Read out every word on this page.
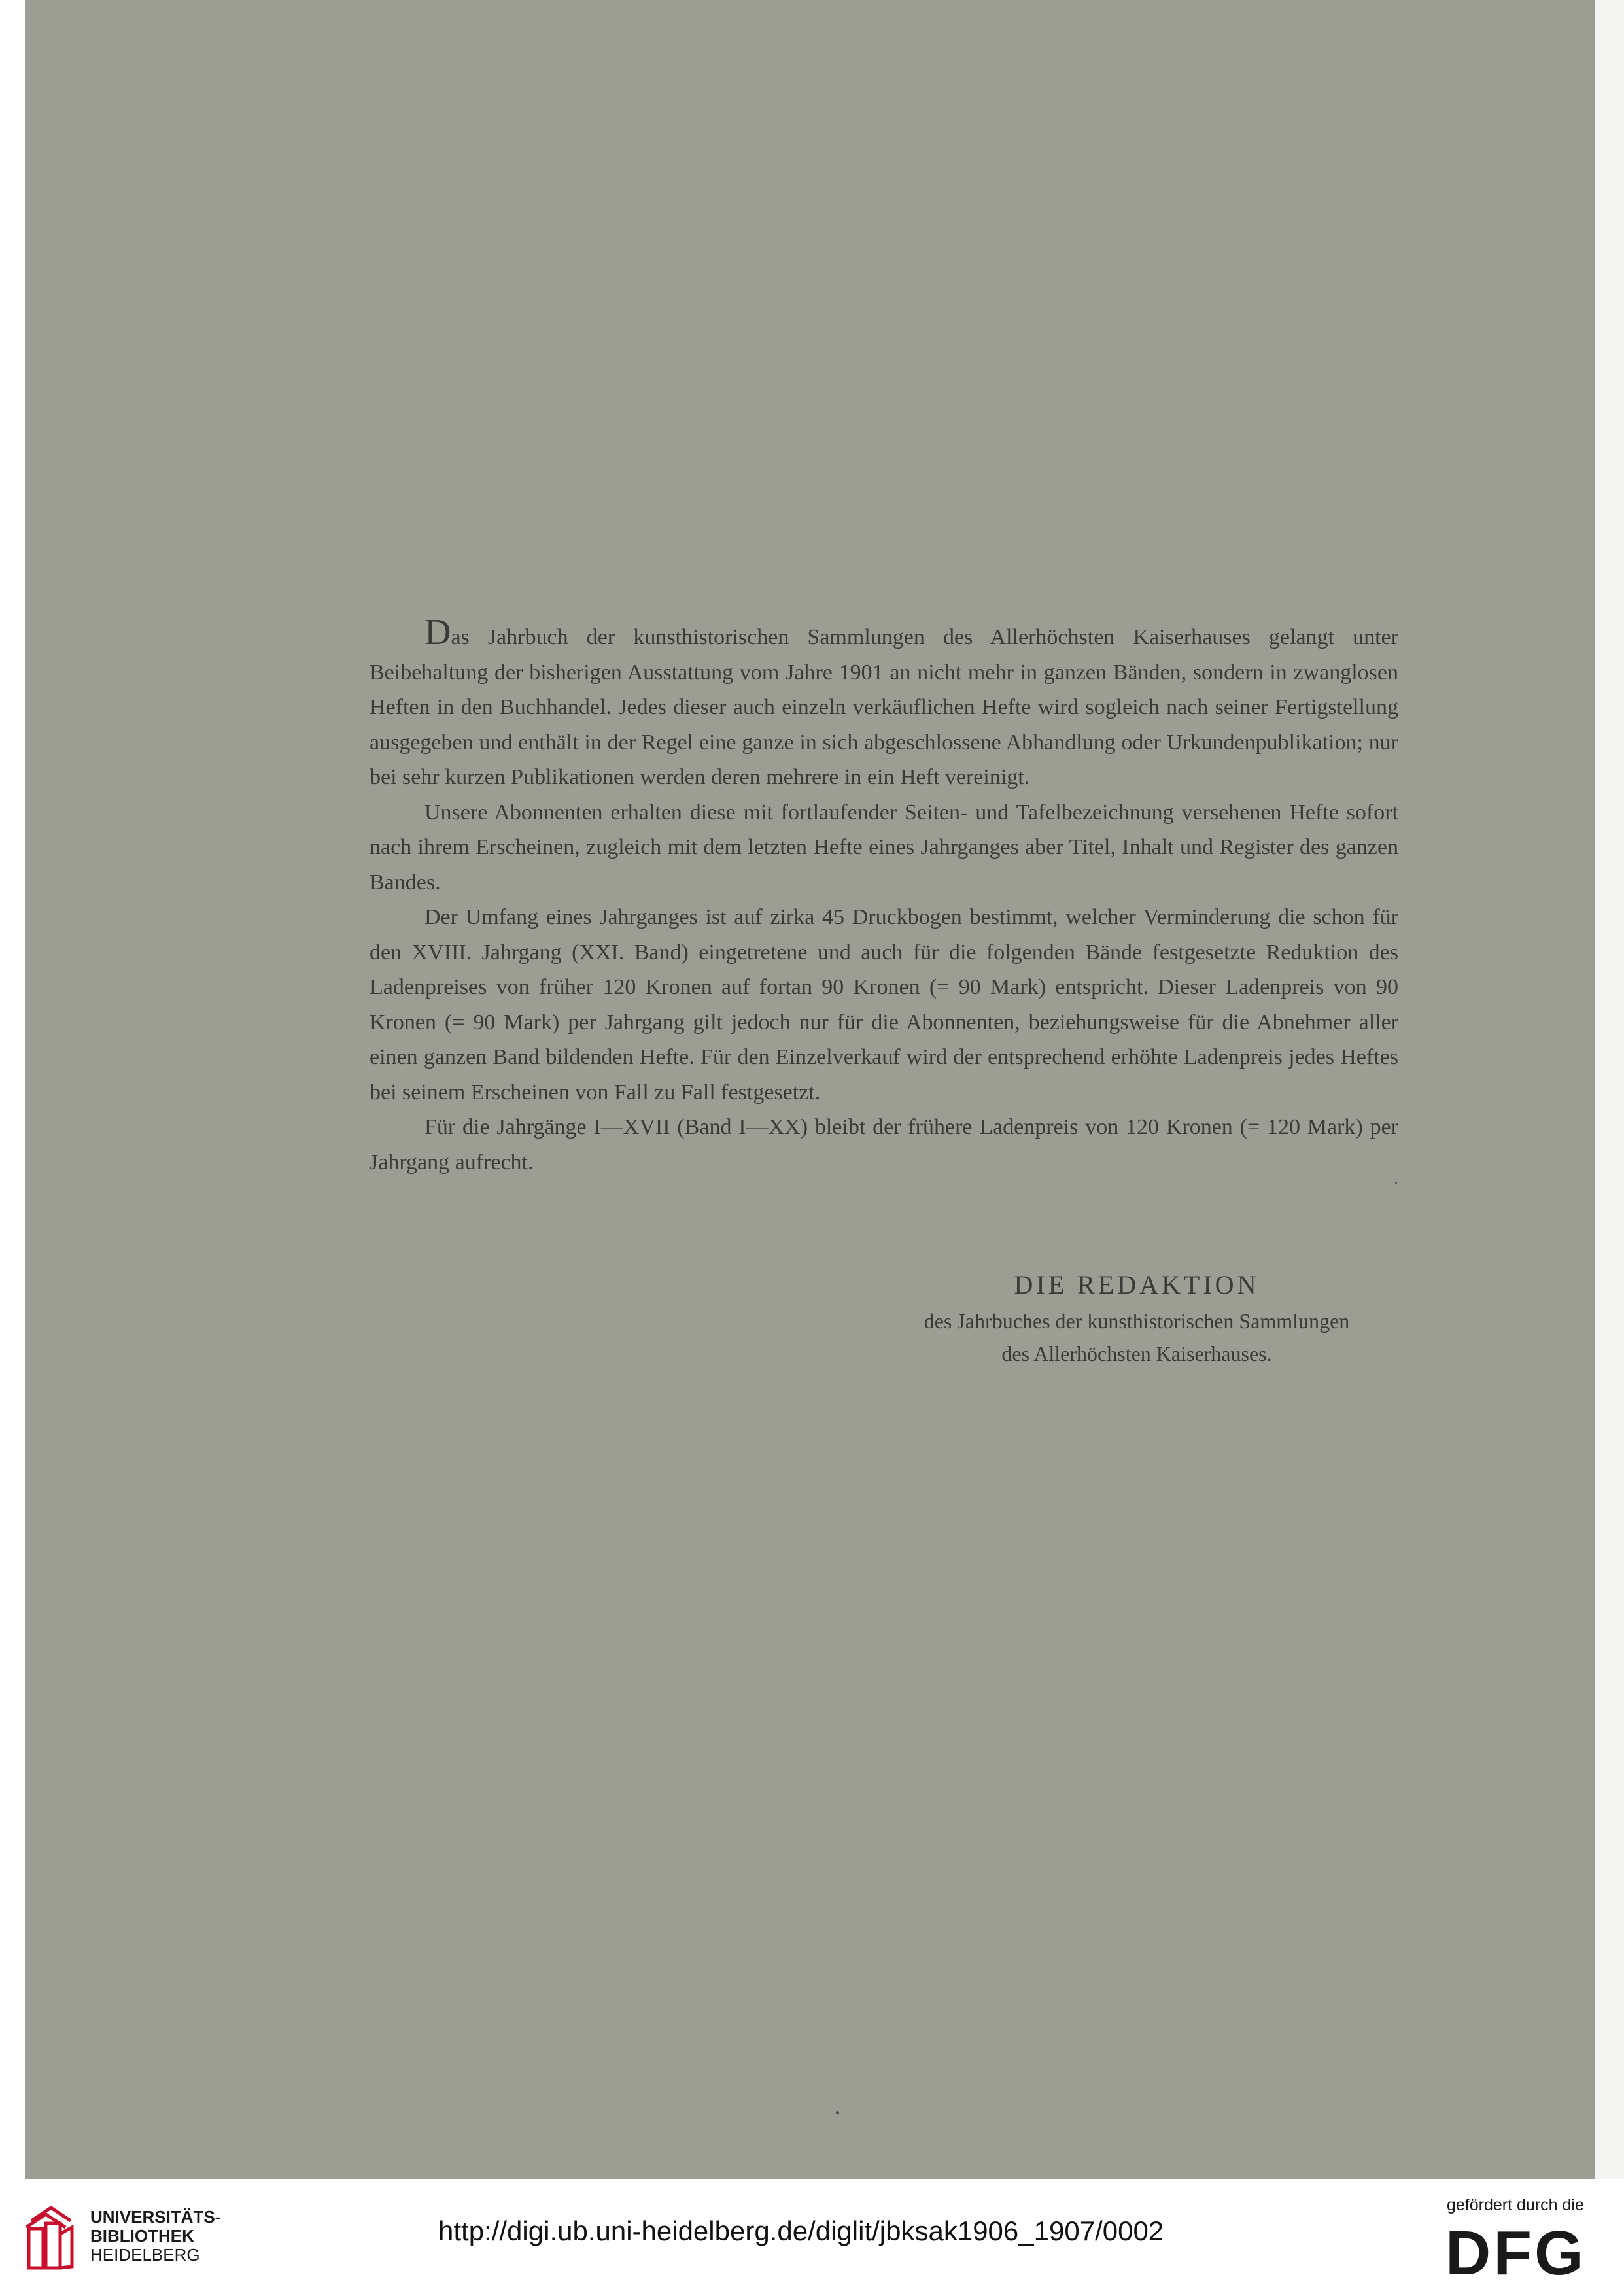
Das Jahrbuch der kunsthistorischen Sammlungen des Allerhöchsten Kaiserhauses gelangt unter Beibehaltung der bisherigen Ausstattung vom Jahre 1901 an nicht mehr in ganzen Bänden, sondern in zwanglosen Heften in den Buchhandel. Jedes dieser auch einzeln verkäuflichen Hefte wird sogleich nach seiner Fertigstellung ausgegeben und enthält in der Regel eine ganze in sich abgeschlossene Abhandlung oder Urkundenpublikation; nur bei sehr kurzen Publikationen werden deren mehrere in ein Heft vereinigt.

Unsere Abonnenten erhalten diese mit fortlaufender Seiten- und Tafelbezeichnung versehenen Hefte sofort nach ihrem Erscheinen, zugleich mit dem letzten Hefte eines Jahrganges aber Titel, Inhalt und Register des ganzen Bandes.

Der Umfang eines Jahrganges ist auf zirka 45 Druckbogen bestimmt, welcher Verminderung die schon für den XVIII. Jahrgang (XXI. Band) eingetretene und auch für die folgenden Bände festgesetzte Reduktion des Ladenpreises von früher 120 Kronen auf fortan 90 Kronen (= 90 Mark) entspricht. Dieser Ladenpreis von 90 Kronen (= 90 Mark) per Jahrgang gilt jedoch nur für die Abonnenten, beziehungsweise für die Abnehmer aller einen ganzen Band bildenden Hefte. Für den Einzelverkauf wird der entsprechend erhöhte Ladenpreis jedes Heftes bei seinem Erscheinen von Fall zu Fall festgesetzt.

Für die Jahrgänge I—XVII (Band I—XX) bleibt der frühere Ladenpreis von 120 Kronen (= 120 Mark) per Jahrgang aufrecht.

DIE REDAKTION
des Jahrbuches der kunsthistorischen Sammlungen
des Allerhöchsten Kaiserhauses.
UNIVERSITÄTS-
BIBLIOTHEK
HEIDELBERG
http://digi.ub.uni-heidelberg.de/diglit/jbksak1906_1907/0002
gefördert durch die
DFG
